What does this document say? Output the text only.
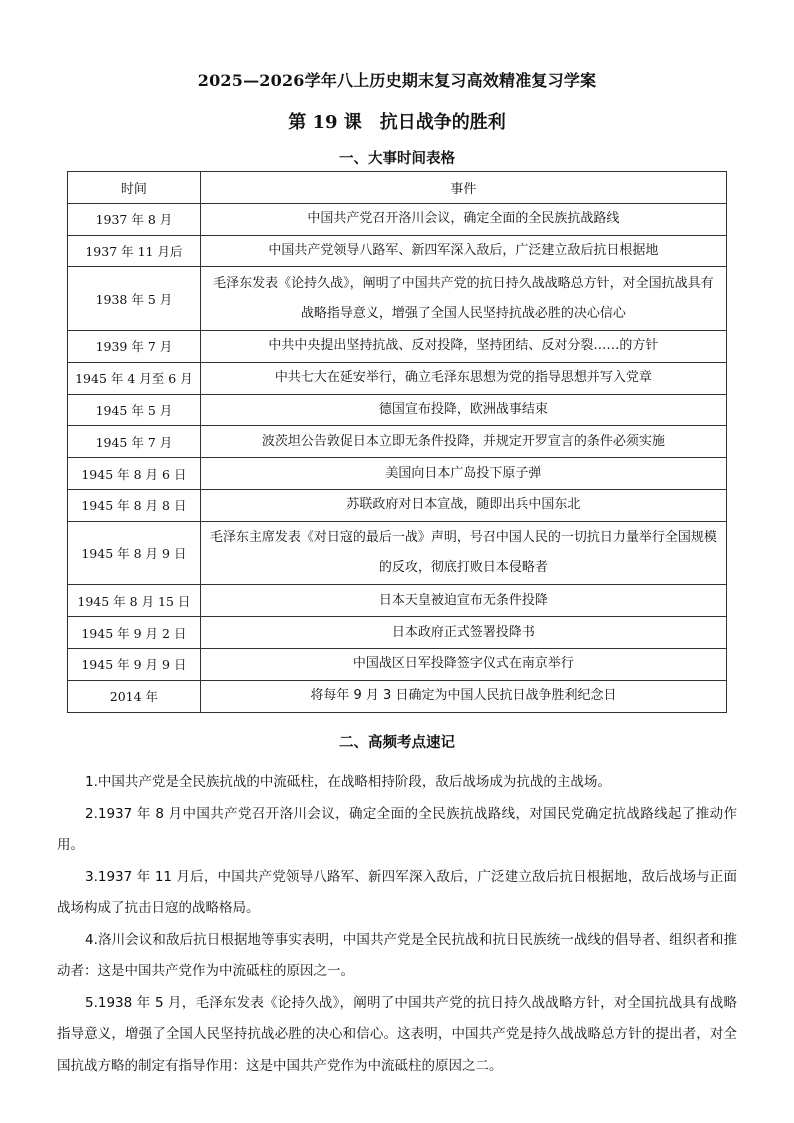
2025—2026学年八上历史期末复习高效精准复习学案
第 19 课　抗日战争的胜利
一、大事时间表格
时间	事件
1937 年 8 月	中国共产党召开洛川会议，确定全面的全民族抗战路线
1937 年 11 月后	中国共产党领导八路军、新四军深入敌后，广泛建立敌后抗日根据地
1938 年 5 月	毛泽东发表《论持久战》，阐明了中国共产党的抗日持久战战略总方针，对全国抗战具有战略指导意义，增强了全国人民坚持抗战必胜的决心信心
1939 年 7 月	中共中央提出坚持抗战、反对投降，坚持团结、反对分裂……的方针
1945 年 4 月至 6 月	中共七大在延安举行，确立毛泽东思想为党的指导思想并写入党章
1945 年 5 月	德国宣布投降，欧洲战事结束
1945 年 7 月	波茨坦公告敦促日本立即无条件投降，并规定开罗宣言的条件必须实施
1945 年 8 月 6 日	美国向日本广岛投下原子弹
1945 年 8 月 8 日	苏联政府对日本宣战，随即出兵中国东北
1945 年 8 月 9 日	毛泽东主席发表《对日寇的最后一战》声明，号召中国人民的一切抗日力量举行全国规模的反攻，彻底打败日本侵略者
1945 年 8 月 15 日	日本天皇被迫宣布无条件投降
1945 年 9 月 2 日	日本政府正式签署投降书
1945 年 9 月 9 日	中国战区日军投降签字仪式在南京举行
2014 年	将每年 9 月 3 日确定为中国人民抗日战争胜利纪念日
二、高频考点速记

1.中国共产党是全民族抗战的中流砥柱，在战略相持阶段，敌后战场成为抗战的主战场。

2.1937 年 8 月中国共产党召开洛川会议，确定全面的全民族抗战路线，对国民党确定抗战路线起了推动作用。

3.1937 年 11 月后，中国共产党领导八路军、新四军深入敌后，广泛建立敌后抗日根据地，敌后战场与正面战场构成了抗击日寇的战略格局。

4.洛川会议和敌后抗日根据地等事实表明，中国共产党是全民抗战和抗日民族统一战线的倡导者、组织者和推动者：这是中国共产党作为中流砥柱的原因之一。

5.1938 年 5 月，毛泽东发表《论持久战》，阐明了中国共产党的抗日持久战战略方针，对全国抗战具有战略指导意义，增强了全国人民坚持抗战必胜的决心和信心。这表明，中国共产党是持久战战略总方针的提出者，对全国抗战方略的制定有指导作用：这是中国共产党作为中流砥柱的原因之二。
